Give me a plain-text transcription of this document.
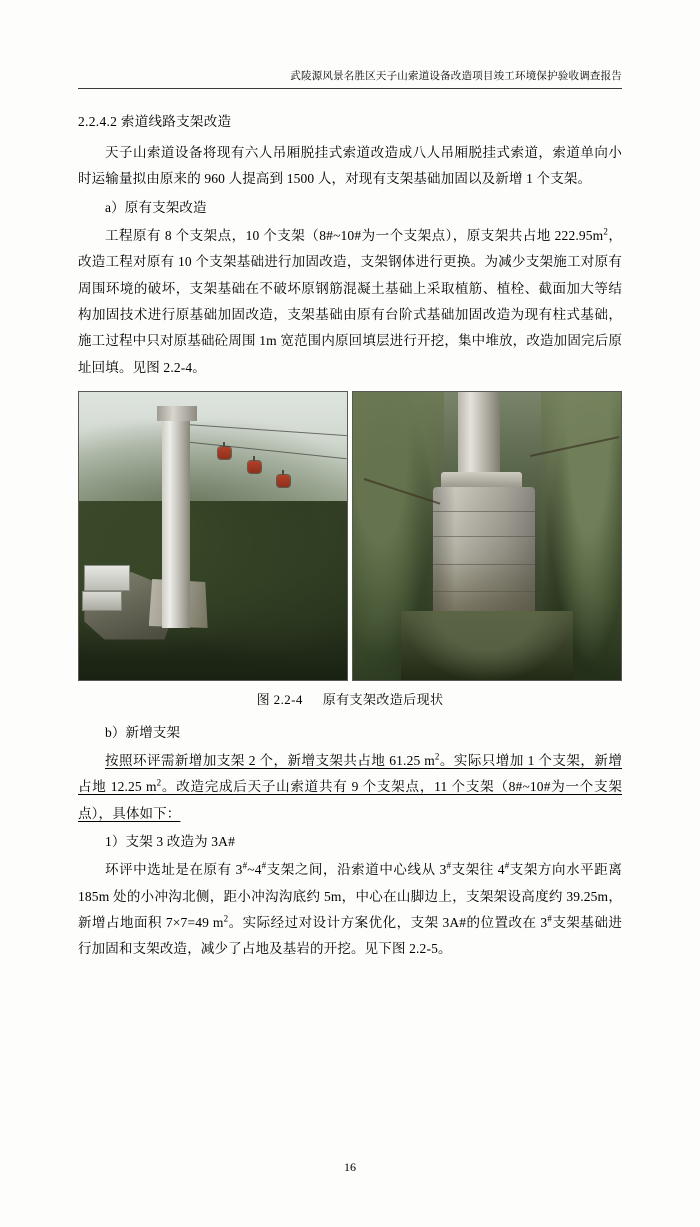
武陵源风景名胜区天子山索道设备改造项目竣工环境保护验收调查报告
2.2.4.2 索道线路支架改造

天子山索道设备将现有六人吊厢脱挂式索道改造成八人吊厢脱挂式索道，索道单向小时运输量拟由原来的 960 人提高到 1500 人，对现有支架基础加固以及新增 1 个支架。

a）原有支架改造

工程原有 8 个支架点，10 个支架（8#~10#为一个支架点），原支架共占地 $222.95m^2$，改造工程对原有 10 个支架基础进行加固改造，支架钢体进行更换。为减少支架施工对原有周围环境的破坏，支架基础在不破坏原钢筋混凝土基础上采取植筋、植栓、截面加大等结构加固技术进行原基础加固改造，支架基础由原有台阶式基础加固改造为现有柱式基础，施工过程中只对原基础砼周围 1m 宽范围内原回填层进行开挖，集中堆放，改造加固完后原址回填。见图 2.2-4。

图 2.2-4 原有支架改造后现状

b）新增支架

按照环评需新增加支架 2 个，新增支架共占地 61.25 $m^2$。实际只增加 1 个支架，新增占地 12.25 $m^2$。改造完成后天子山索道共有 9 个支架点，11 个支架（8#~10#为一个支架点），具体如下：

1）支架 3 改造为 3A#

环评中选址是在原有 3#~4#支架之间，沿索道中心线从 3#支架往 4#支架方向水平距离 185m 处的小冲沟北侧，距小冲沟沟底约 5m，中心在山脚边上，支架架设高度约 39.25m，新增占地面积 7×7=49 $m^2$。实际经过对设计方案优化，支架 3A#的位置改在 3#支架基础进行加固和支架改造，减少了占地及基岩的开挖。见下图 2.2-5。

16
